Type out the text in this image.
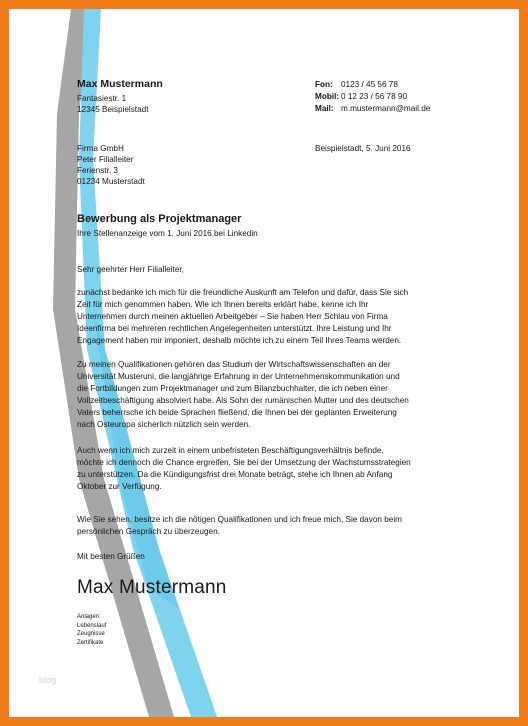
Max Mustermann
Fantasiestr. 1
12345 Beispielstadt
Fon: 0123 / 45 56 78
Mobil: 0 12 23 / 56 78 90
Mail: m.mustermann@mail.de
Firma GmbH
Peter Filialleiter
Ferienstr. 3
01234 Musterstadt
Beispielstadt, 5. Juni 2016
Bewerbung als Projektmanager
Ihre Stellenanzeige vom 1. Juni 2016 bei Linkedin
Sehr geehrter Herr Filialleiter,
zunächst bedanke ich mich für die freundliche Auskunft am Telefon und dafür, dass Sie sich
Zeit für mich genommen haben. Wie ich Ihnen bereits erklärt habe, kenne ich Ihr
Unternehmen durch meinen aktuellen Arbeitgeber – Sie haben Herr Schlau von Firma
Ideenfirma bei mehreren rechtlichen Angelegenheiten unterstützt. Ihre Leistung und Ihr
Engagement haben mir imponiert, deshalb möchte ich zu einem Teil Ihres Teams werden.
Zu meinen Qualifikationen gehören das Studium der Wirtschaftswissenschaften an der
Universität Musteruni, die langjährige Erfahrung in der Unternehmenskommunikation und
die Fortbildungen zum Projektmanager und zum Bilanzbuchhalter, die ich neben einer
Vollzeitbeschäftigung absolviert habe. Als Sohn der rumänischen Mutter und des deutschen
Vaters beherrsche ich beide Sprachen fließend, die Ihnen bei der geplanten Erweiterung
nach Osteuropa sicherlich nützlich sein werden.
Auch wenn ich mich zurzeit in einem unbefristeten Beschäftigungsverhältnis befinde,
möchte ich dennoch die Chance ergreifen, Sie bei der Umsetzung der Wachstumsstrategien
zu unterstützen. Da die Kündigungsfrist drei Monate beträgt, stehe ich Ihnen ab Anfang
Oktober zur Verfügung.
Wie Sie sehen, besitze ich die nötigen Qualifikationen und ich freue mich, Sie davon beim
persönlichen Gespräch zu überzeugen.
Mit besten Grüßen
Max Mustermann
Anlagen:
Lebenslauf
Zeugnisse
Zertifikate
blog
